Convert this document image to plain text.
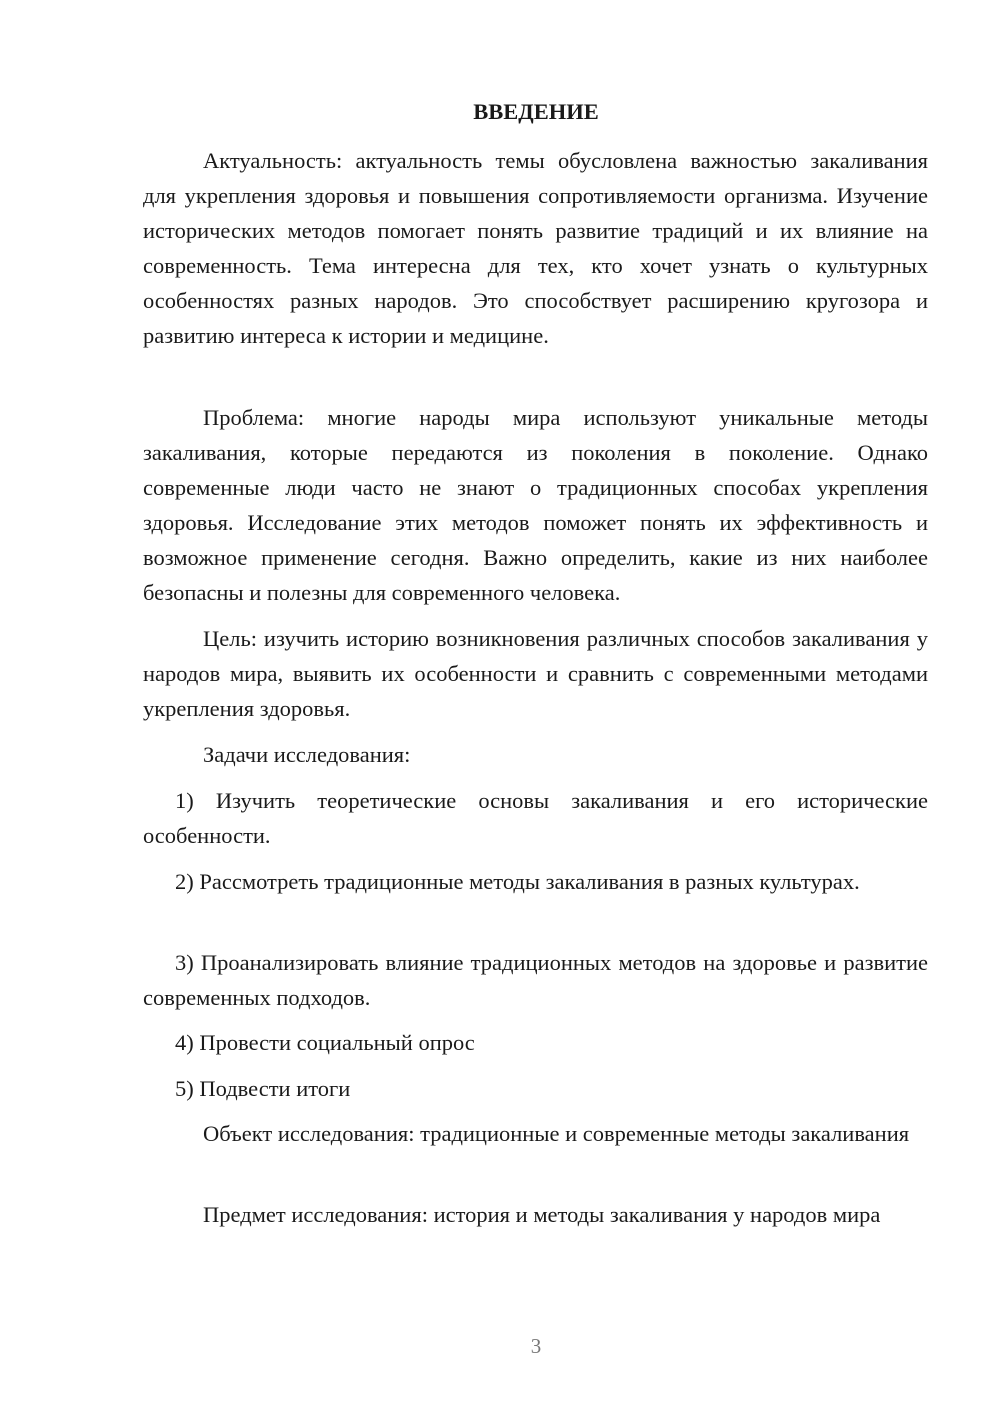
ВВЕДЕНИЕ

Актуальность: актуальность темы обусловлена важностью закаливания для укрепления здоровья и повышения сопротивляемости организма. Изучение исторических методов помогает понять развитие традиций и их влияние на современность. Тема интересна для тех, кто хочет узнать о культурных особенностях разных народов. Это способствует расширению кругозора и развитию интереса к истории и медицине.

Проблема: многие народы мира используют уникальные методы закаливания, которые передаются из поколения в поколение. Однако современные люди часто не знают о традиционных способах укрепления здоровья. Исследование этих методов поможет понять их эффективность и возможное применение сегодня. Важно определить, какие из них наиболее безопасны и полезны для современного человека.

Цель: изучить историю возникновения различных способов закаливания у народов мира, выявить их особенности и сравнить с современными методами укрепления здоровья.

Задачи исследования:

1) Изучить теоретические основы закаливания и его исторические особенности.

2) Рассмотреть традиционные методы закаливания в разных культурах.

3) Проанализировать влияние традиционных методов на здоровье и развитие современных подходов.

4) Провести социальный опрос

5) Подвести итоги

Объект исследования: традиционные и современные методы закаливания

Предмет исследования: история и методы закаливания у народов мира

3
